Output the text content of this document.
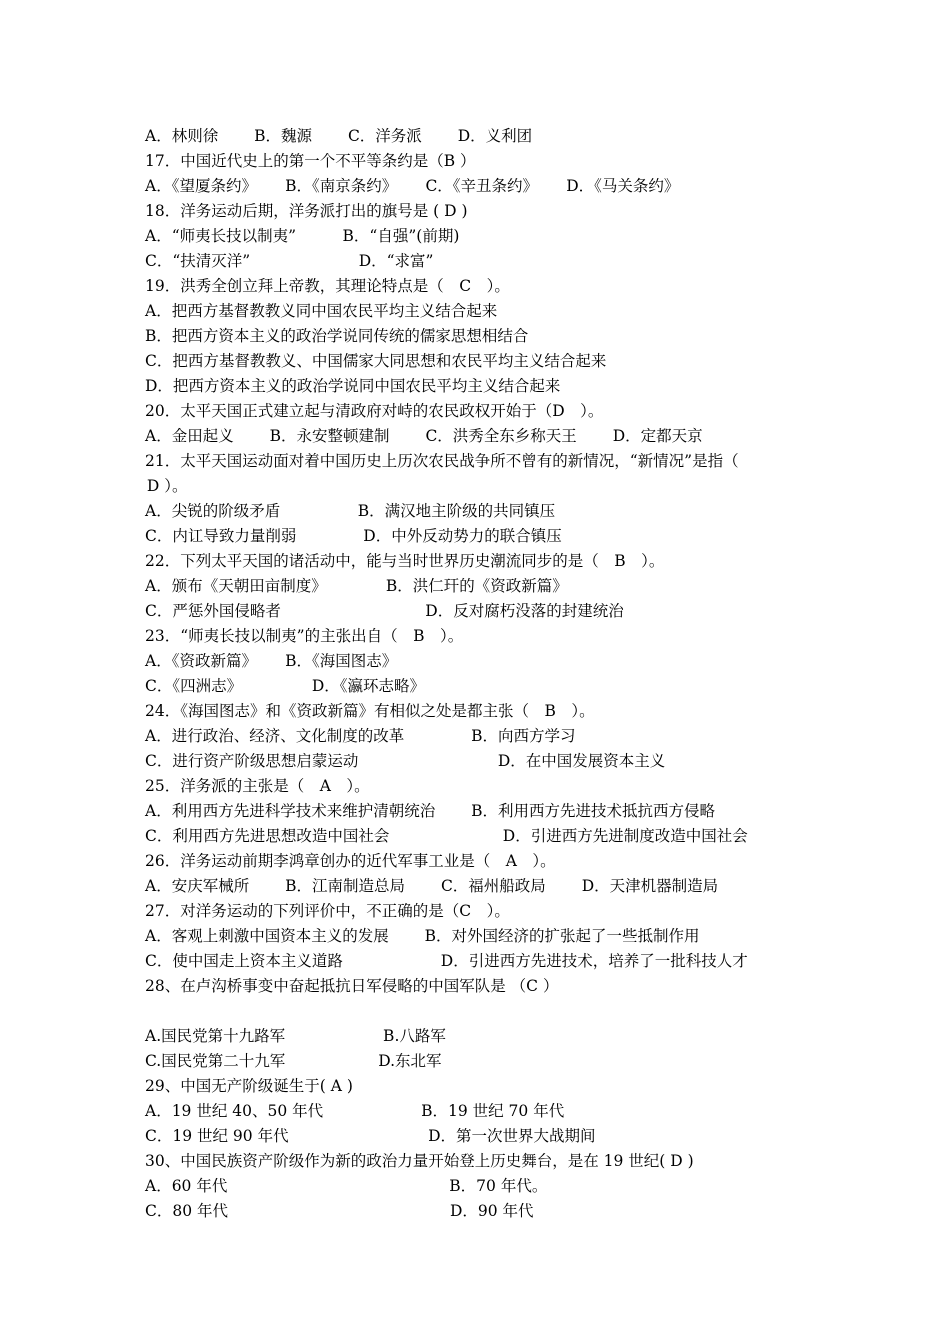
A．林则徐　　 B．魏源　　 C．洋务派　　 D．义利团
17．中国近代史上的第一个不平等条约是（B ）
A．《望厦条约》　　 B．《南京条约》　　 C．《辛丑条约》　　 D．《马关条约》
18．洋务运动后期，洋务派打出的旗号是 ( D )
A．“师夷长技以制夷”　　　B．“自强”(前期)
C．“扶清灭洋”　　　　　　　D．“求富”
19．洪秀全创立拜上帝教，其理论特点是（　C　）。
A．把西方基督教教义同中国农民平均主义结合起来
B．把西方资本主义的政治学说同传统的儒家思想相结合
C．把西方基督教教义、中国儒家大同思想和农民平均主义结合起来
D．把西方资本主义的政治学说同中国农民平均主义结合起来
20．太平天国正式建立起与清政府对峙的农民政权开始于（D　）。
A．金田起义　　 B．永安整顿建制　　 C．洪秀全东乡称天王　　 D．定都天京
21．太平天国运动面对着中国历史上历次农民战争所不曾有的新情况，“新情况”是指（
D ）。
A．尖锐的阶级矛盾　　　　　B．满汉地主阶级的共同镇压
C．内讧导致力量削弱　　　　 D．中外反动势力的联合镇压
22．下列太平天国的诸活动中，能与当时世界历史潮流同步的是（　B　）。
A．颁布《天朝田亩制度》　　　　 B．洪仁玕的《资政新篇》
C．严惩外国侵略者　　　　　　　　　 D．反对腐朽没落的封建统治
23．“师夷长技以制夷”的主张出自（　B　）。
A．《资政新篇》　　 B．《海国图志》
C．《四洲志》　　　　　D．《瀛环志略》
24．《海国图志》和《资政新篇》有相似之处是都主张（　B　）。
A．进行政治、经济、文化制度的改革　　　　 B．向西方学习
C．进行资产阶级思想启蒙运动　　　　　　　　　D．在中国发展资本主义
25．洋务派的主张是（　A　）。
A．利用西方先进科学技术来维护清朝统治　　 B．利用西方先进技术抵抗西方侵略
C．利用西方先进思想改造中国社会　　　　　　　 D．引进西方先进制度改造中国社会
26．洋务运动前期李鸿章创办的近代军事工业是（　A　）。
A．安庆军械所　　 B．江南制造总局　　 C．福州船政局　　 D．天津机器制造局
27．对洋务运动的下列评价中，不正确的是（C　）。
A．客观上刺激中国资本主义的发展　　 B．对外国经济的扩张起了一些抵制作用
C．使中国走上资本主义道路　　　　　　 D．引进西方先进技术，培养了一批科技人才
28、在卢沟桥事变中奋起抵抗日军侵略的中国军队是 （C ）
A.国民党第十九路军　　　　　　 B.八路军
C.国民党第二十九军　　　　　　D.东北军
29、中国无产阶级诞生于( A )
A．19 世纪 40、50 年代　　　　　　 B．19 世纪 70 年代
C．19 世纪 90 年代　　　　　　　　　D．第一次世界大战期间
30、中国民族资产阶级作为新的政治力量开始登上历史舞台，是在 19 世纪( D )
A．60 年代　　　　　　　　　　　　　　 B．70 年代。
C．80 年代　　　　　　　　　　　　　　 D．90 年代
